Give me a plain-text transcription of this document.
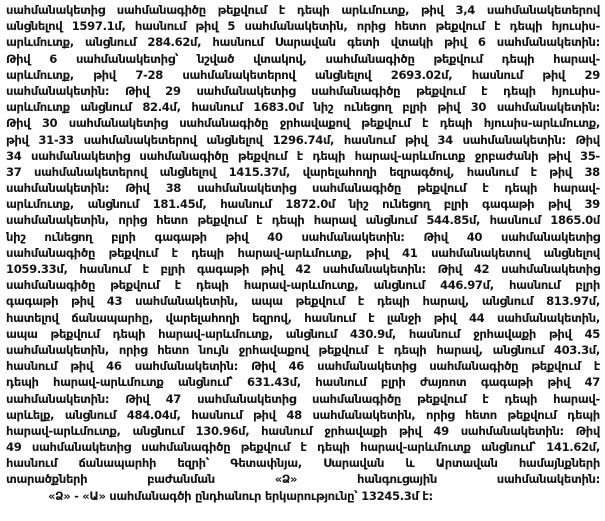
սահմանակետից սահմանագիծը թեքվում է դեպի արևմուտք, թիվ 3,4 սահմանակետերով
անցնելով 1597.1մ, հասնում թիվ 5 սահմանակետին, որից հետո թեքվում է դեպի հյուսիս-
արևմուտք, անցնում 284.62մ, հասնում Սարավան գետի վտակի թիվ 6 սահմանակետին:
Թիվ 6 սահմանակետից՝ նշված վտակով, սահմանագիծը թեքվում դեպի հարավ-
արևմուտք, թիվ 7-28 սահմանակետերով անցնելով 2693.02մ, հասնում թիվ 29
սահմանակետին: Թիվ 29 սահմանակետից սահմանագիծը թեքվում է դեպի հյուսիս-
արևմուտք անցնում 82.4մ, հասնում 1683.0մ նիշ ունեցող բլրի թիվ 30 սահմանակետին:
Թիվ 30 սահմանակետից սահմանագիծը ջրհավաքով թեքվում է դեպի հյուսիս-արևմուտք,
թիվ 31-33 սահմանակետերով անցնելով 1296.74մ, հասնում թիվ 34 սահմանակետին: Թիվ
34 սահմանակետից սահմանագիծը թեքվում է դեպի հարավ-արևմուտք ջրբաժանի թիվ 35-
37 սահմանակետերով անցնելով 1415.37մ, վարելահողի եզրագծով, հասնում է թիվ 38
սահմանակետին: Թիվ 38 սահմանակետից սահմանագիծը թեքվում է դեպի հարավ-
արևմուտք, անցնում 181.45մ, հասնում 1872.0մ նիշ ունեցող բլրի գագաթի թիվ 39
սահմանակետին, որից հետո թեքվում է դեպի հարավ անցնում 544.85մ, հասնում 1865.0մ
նիշ ունեցող բլրի գագաթի թիվ 40 սահմանակետին: Թիվ 40 սահմանակետից
սահմանագիծը թեքվում է դեպի հարավ-արևմուտք, թիվ 41 սահմանակետով անցնելով
1059.33մ, հասնում է բլրի գագաթի թիվ 42 սահմանակետին: Թիվ 42 սահմանակետից
սահմանագիծը թեքվում է դեպի հարավ-արևմուտք, անցնում 446.97մ, հասնում բլրի
գագաթի թիվ 43 սահմանակետին, ապա թեքվում է դեպի հարավ, անցնում 813.97մ,
հատելով ճանապարհը, վարելահողի եզրով, հասնում է լանջի թիվ 44 սահմանակետին,
ապա թեքվում դեպի հարավ-արևմուտք, անցնում 430.9մ, հասնում ջրհավաքի թիվ 45
սահմանակետին, որից հետո նույն ջրհավաքով թեքվում է դեպի հարավ, անցնում 403.3մ,
հասնում թիվ 46 սահմանակետին: Թիվ 46 սահմանակետից սահմանագիծը թեքվում է
դեպի հարավ-արևմուտք անցնում՝ 631.43մ, հասնում բլրի ժայռոտ գագաթի թիվ 47
սահմանակետին: Թիվ 47 սահմանակետից սահմանագիծը թեքվում է դեպի հարավ-
արևելք, անցնում 484.04մ, հասնում թիվ 48 սահմանակետին, որից հետո թեքվում դեպի
հարավ-արևմուտք, անցնում 130.96մ, հասնում ջրհավաքի թիվ 49 սահմանակետին: Թիվ
49 սահմանակետից սահմանագիծը թեքվում է դեպի հարավ-արևմուտք անցնում՝ 141.62մ,
հասնում ճանապարհի եզրի՝ Գետափնյա, Սարավան և Արտավան համայնքների
տարածքների	բաժանման	«Ձ»	հանգուցային	սահմանակետին:
«Ձ» - «Ա» սահմանագծի ընդհանուր երկարությունը՝ 13245.3մ է:
